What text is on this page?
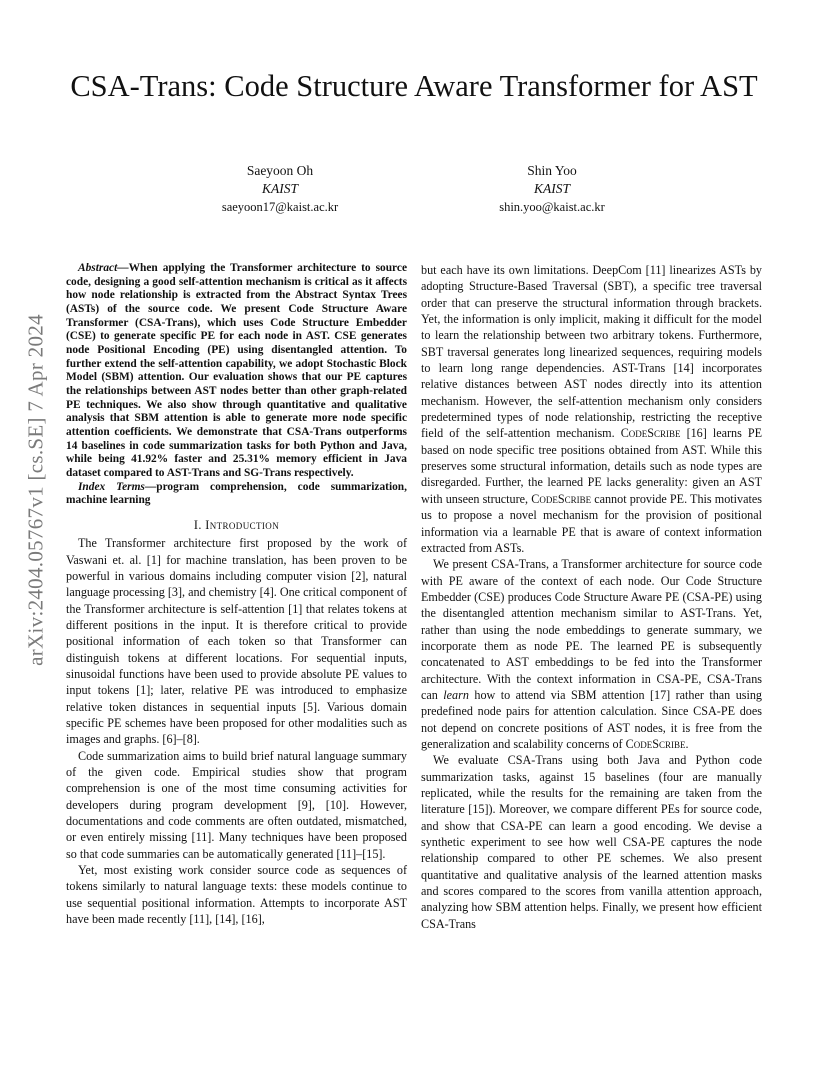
arXiv:2404.05767v1 [cs.SE] 7 Apr 2024
CSA-Trans: Code Structure Aware Transformer for AST
Saeyoon Oh
KAIST
saeyoon17@kaist.ac.kr
Shin Yoo
KAIST
shin.yoo@kaist.ac.kr

Abstract—When applying the Transformer architecture to source code, designing a good self-attention mechanism is critical as it affects how node relationship is extracted from the Abstract Syntax Trees (ASTs) of the source code. We present Code Structure Aware Transformer (CSA-Trans), which uses Code Structure Embedder (CSE) to generate specific PE for each node in AST. CSE generates node Positional Encoding (PE) using disentangled attention. To further extend the self-attention capability, we adopt Stochastic Block Model (SBM) attention. Our evaluation shows that our PE captures the relationships between AST nodes better than other graph-related PE techniques. We also show through quantitative and qualitative analysis that SBM attention is able to generate more node specific attention coefficients. We demonstrate that CSA-Trans outperforms 14 baselines in code summarization tasks for both Python and Java, while being 41.92% faster and 25.31% memory efficient in Java dataset compared to AST-Trans and SG-Trans respectively.

Index Terms—program comprehension, code summarization, machine learning

I. Introduction

The Transformer architecture first proposed by the work of Vaswani et. al. [1] for machine translation, has been proven to be powerful in various domains including computer vision [2], natural language processing [3], and chemistry [4]. One critical component of the Transformer architecture is self-attention [1] that relates tokens at different positions in the input. It is therefore critical to provide positional information of each token so that Transformer can distinguish tokens at different locations. For sequential inputs, sinusoidal functions have been used to provide absolute PE values to input tokens [1]; later, relative PE was introduced to emphasize relative token distances in sequential inputs [5]. Various domain specific PE schemes have been proposed for other modalities such as images and graphs. [6]–[8].

Code summarization aims to build brief natural language summary of the given code. Empirical studies show that program comprehension is one of the most time consuming activities for developers during program development [9], [10]. However, documentations and code comments are often outdated, mismatched, or even entirely missing [11]. Many techniques have been proposed so that code summaries can be automatically generated [11]–[15].

Yet, most existing work consider source code as sequences of tokens similarly to natural language texts: these models continue to use sequential positional information. Attempts to incorporate AST have been made recently [11], [14], [16],

but each have its own limitations. DeepCom [11] linearizes ASTs by adopting Structure-Based Traversal (SBT), a specific tree traversal order that can preserve the structural information through brackets. Yet, the information is only implicit, making it difficult for the model to learn the relationship between two arbitrary tokens. Furthermore, SBT traversal generates long linearized sequences, requiring models to learn long range dependencies. AST-Trans [14] incorporates relative distances between AST nodes directly into its attention mechanism. However, the self-attention mechanism only considers predetermined types of node relationship, restricting the receptive field of the self-attention mechanism. CodeScribe [16] learns PE based on node specific tree positions obtained from AST. While this preserves some structural information, details such as node types are disregarded. Further, the learned PE lacks generality: given an AST with unseen structure, CodeScribe cannot provide PE. This motivates us to propose a novel mechanism for the provision of positional information via a learnable PE that is aware of context information extracted from ASTs.

We present CSA-Trans, a Transformer architecture for source code with PE aware of the context of each node. Our Code Structure Embedder (CSE) produces Code Structure Aware PE (CSA-PE) using the disentangled attention mechanism similar to AST-Trans. Yet, rather than using the node embeddings to generate summary, we incorporate them as node PE. The learned PE is subsequently concatenated to AST embeddings to be fed into the Transformer architecture. With the context information in CSA-PE, CSA-Trans can learn how to attend via SBM attention [17] rather than using predefined node pairs for attention calculation. Since CSA-PE does not depend on concrete positions of AST nodes, it is free from the generalization and scalability concerns of CodeScribe.

We evaluate CSA-Trans using both Java and Python code summarization tasks, against 15 baselines (four are manually replicated, while the results for the remaining are taken from the literature [15]). Moreover, we compare different PEs for source code, and show that CSA-PE can learn a good encoding. We devise a synthetic experiment to see how well CSA-PE captures the node relationship compared to other PE schemes. We also present quantitative and qualitative analysis of the learned attention masks and scores compared to the scores from vanilla attention approach, analyzing how SBM attention helps. Finally, we present how efficient CSA-Trans
